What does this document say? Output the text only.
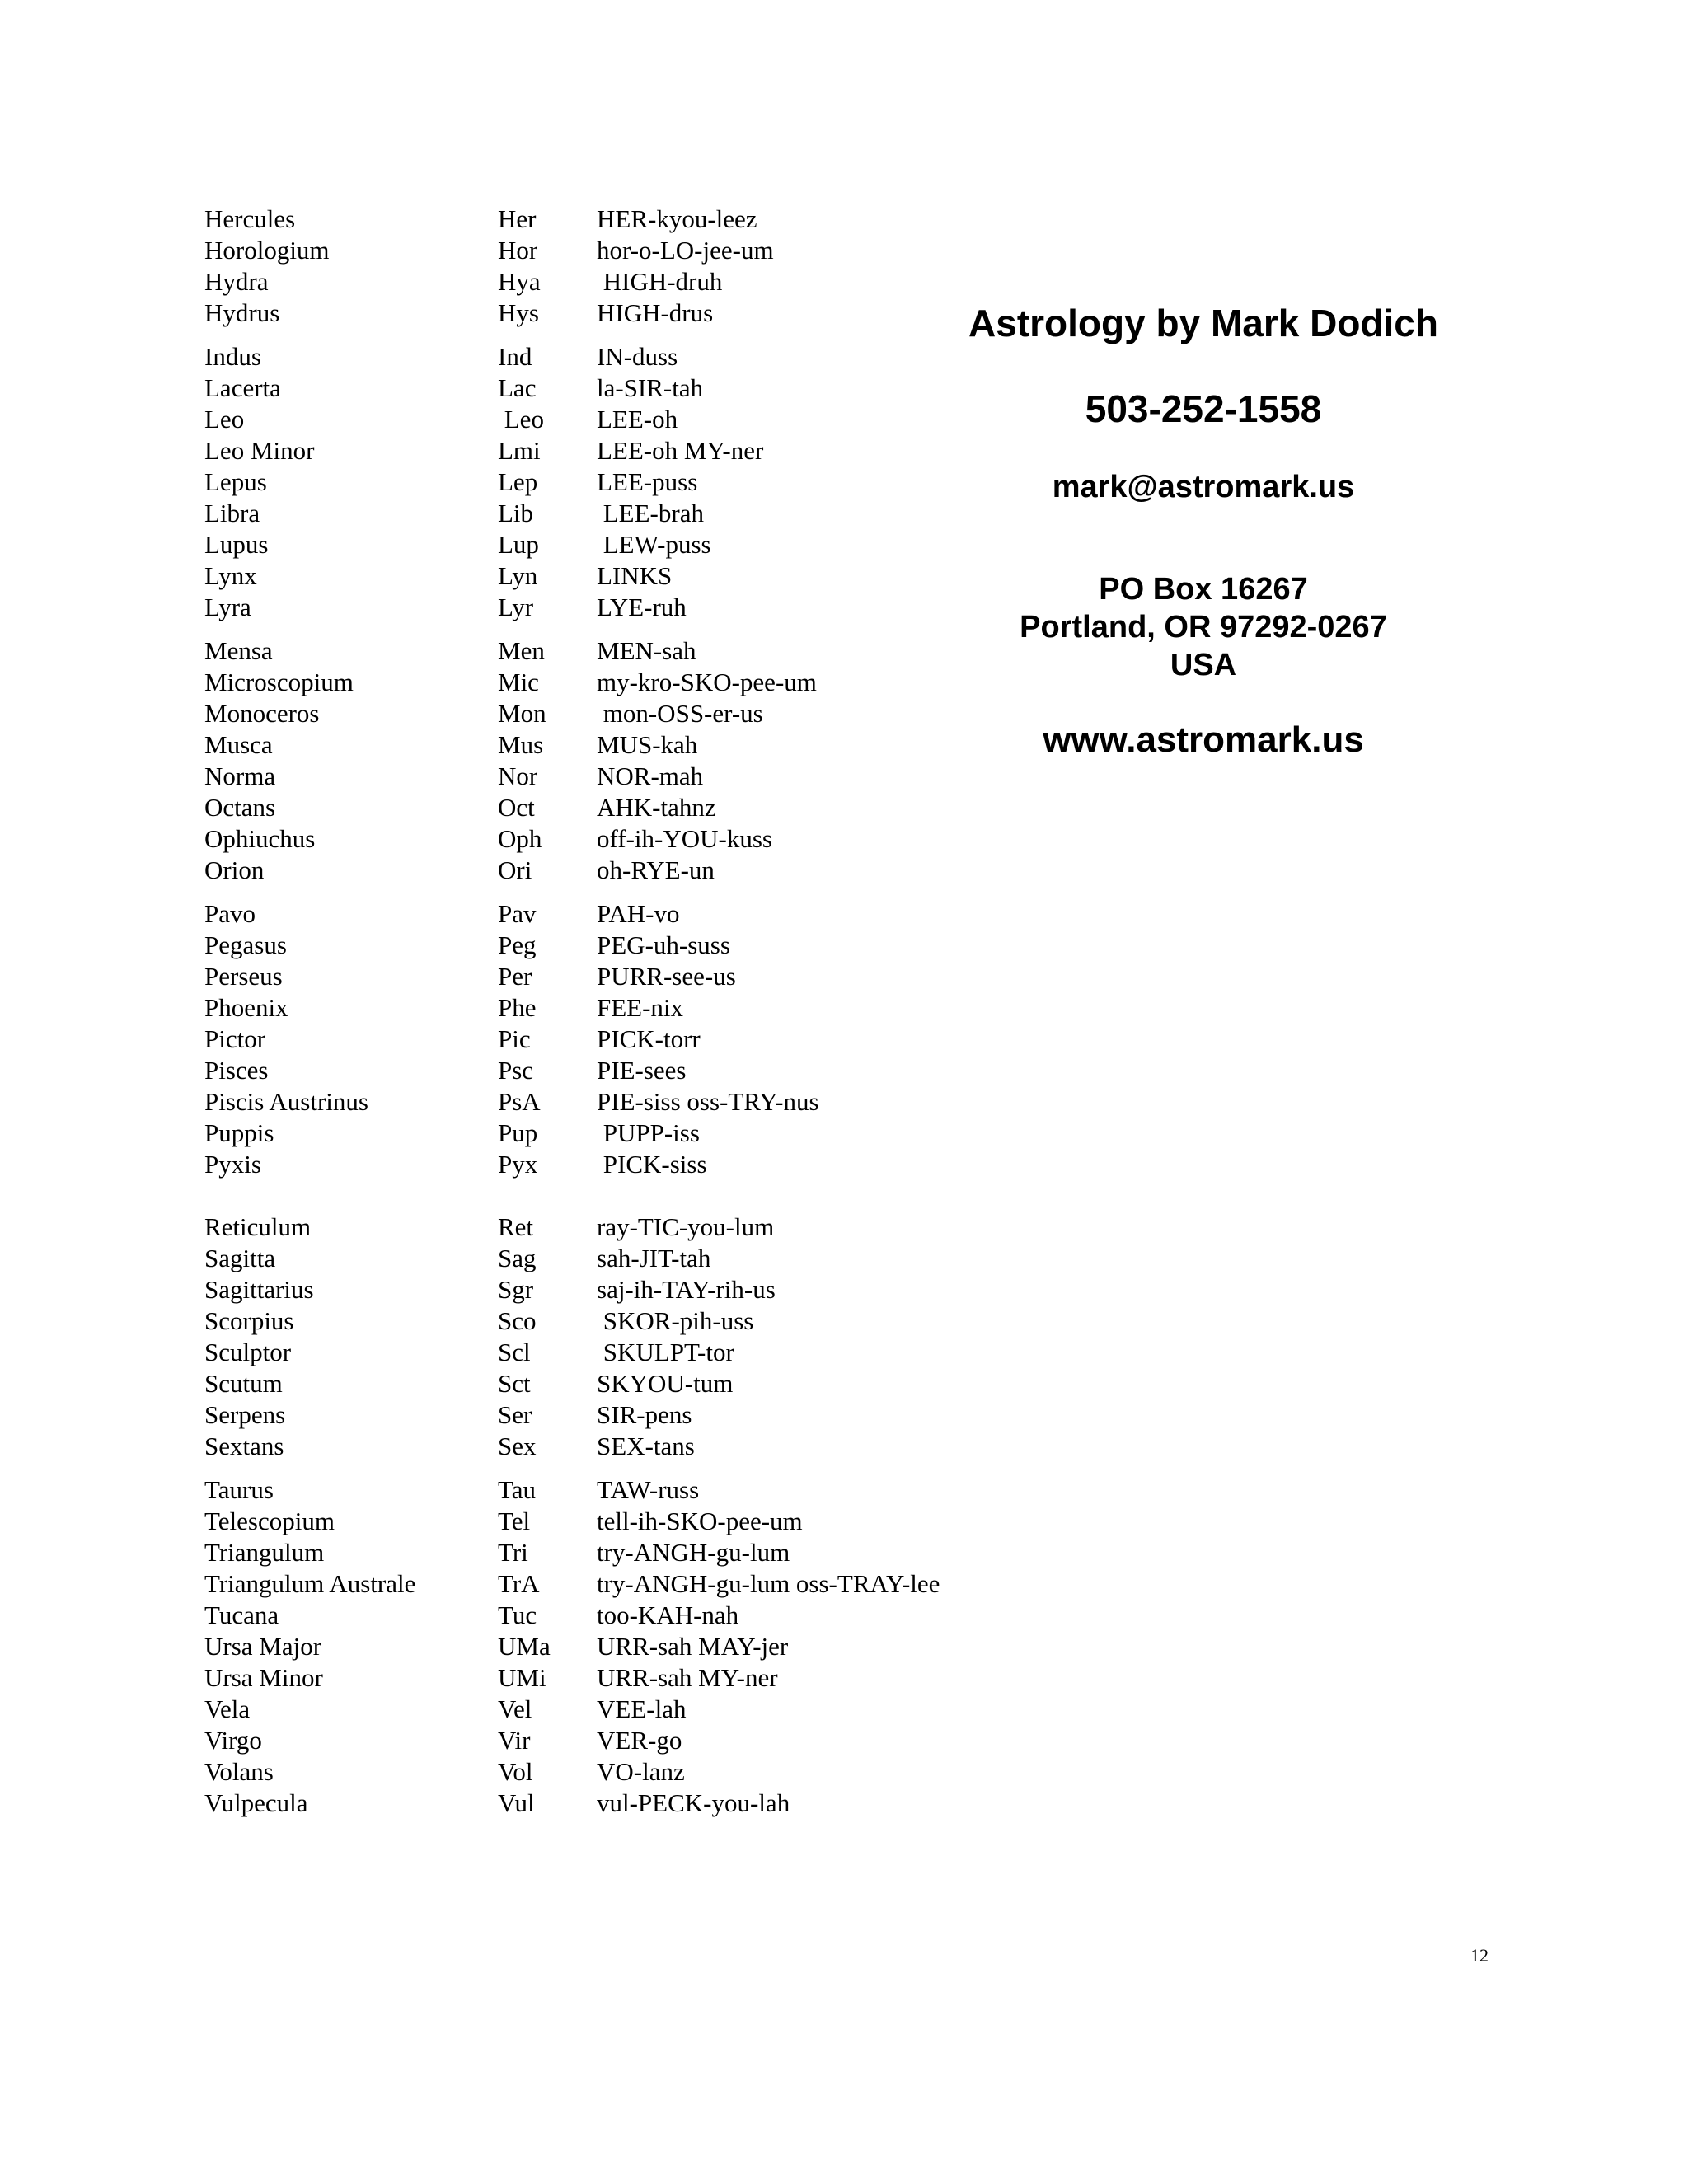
Hercules	Her HER-kyou-leez
Horologium	Hor hor-o-LO-jee-um
Hydra	Hya HIGH-druh
Hydrus	Hys HIGH-drus
Indus	Ind	IN-duss
Lacerta	Lac la-SIR-tah
Leo	Leo LEE-oh
Leo Minor	Lmi LEE-oh MY-ner
Lepus	Lep LEE-puss
Libra	Lib LEE-brah
Lupus	Lup LEW-puss
Lynx	Lyn LINKS
Lyra	Lyr LYE-ruh
Mensa	Men MEN-sah
Microscopium	Mic my-kro-SKO-pee-um
Monoceros	Mon mon-OSS-er-us
Musca	Mus MUS-kah
Norma	Nor NOR-mah
Octans	Oct AHK-tahnz
Ophiuchus	Oph off-ih-YOU-kuss
Orion	Ori	oh-RYE-un
Pavo	Pav PAH-vo
Pegasus	Peg PEG-uh-suss
Perseus	Per	PURR-see-us
Phoenix	Phe FEE-nix
Pictor	Pic	PICK-torr
Pisces	Psc PIE-sees
Piscis Austrinus	PsA PIE-siss oss-TRY-nus
Puppis	Pup PUPP-iss
Pyxis	Pyx PICK-siss
Reticulum	Ret ray-TIC-you-lum
Sagitta	Sag sah-JIT-tah
Sagittarius	Sgr saj-ih-TAY-rih-us
Scorpius	Sco SKOR-pih-uss
Sculptor	Scl	SKULPT-tor
Scutum	Sct	SKYOU-tum
Serpens	Ser	SIR-pens
Sextans	Sex SEX-tans
Taurus	Tau TAW-russ
Telescopium	Tel	tell-ih-SKO-pee-um
Triangulum	Tri	try-ANGH-gu-lum
Triangulum Australe	TrA try-ANGH-gu-lum oss-TRAY-lee
Tucana	Tuc too-KAH-nah
Ursa Major	UMa URR-sah MAY-jer
Ursa Minor	UMi URR-sah MY-ner
Vela	Vel	VEE-lah
Virgo	Vir	VER-go
Volans	Vol VO-lanz
Vulpecula	Vul vul-PECK-you-lah
Astrology by Mark Dodich
503-252-1558
mark@astromark.us
PO Box 16267
Portland, OR 97292-0267
USA
www.astromark.us
12
